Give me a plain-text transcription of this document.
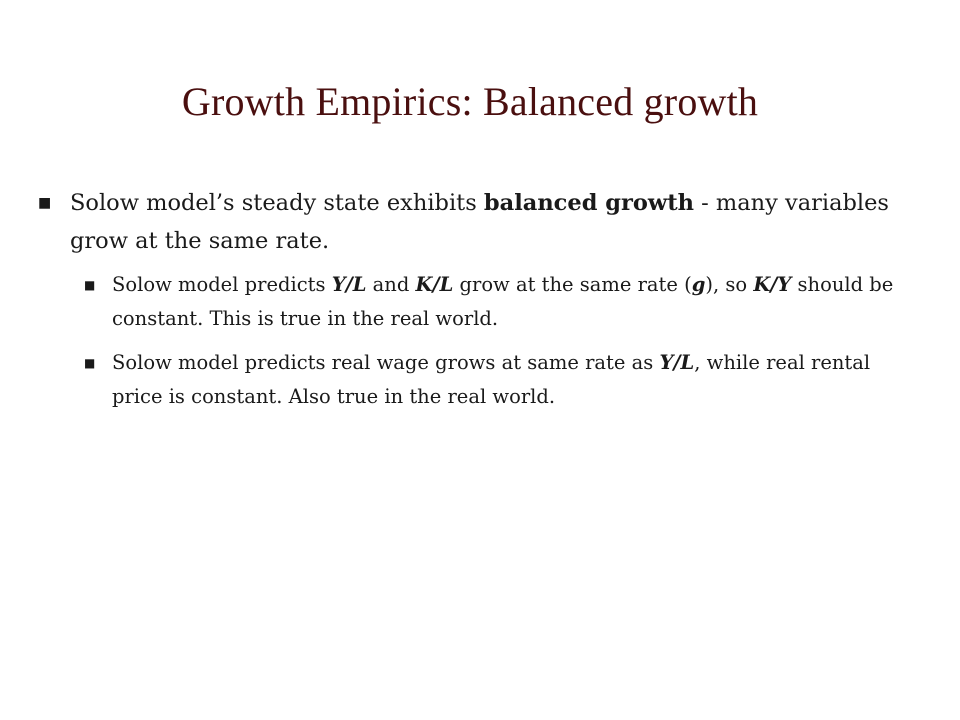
Growth Empirics: Balanced growth
■ Solow model’s steady state exhibits balanced growth - many variables grow at the same rate.
■ Solow model predicts Y/L and K/L grow at the same rate (g), so K/Y should be constant. This is true in the real world.
■ Solow model predicts real wage grows at same rate as Y/L, while real rental price is constant. Also true in the real world.
